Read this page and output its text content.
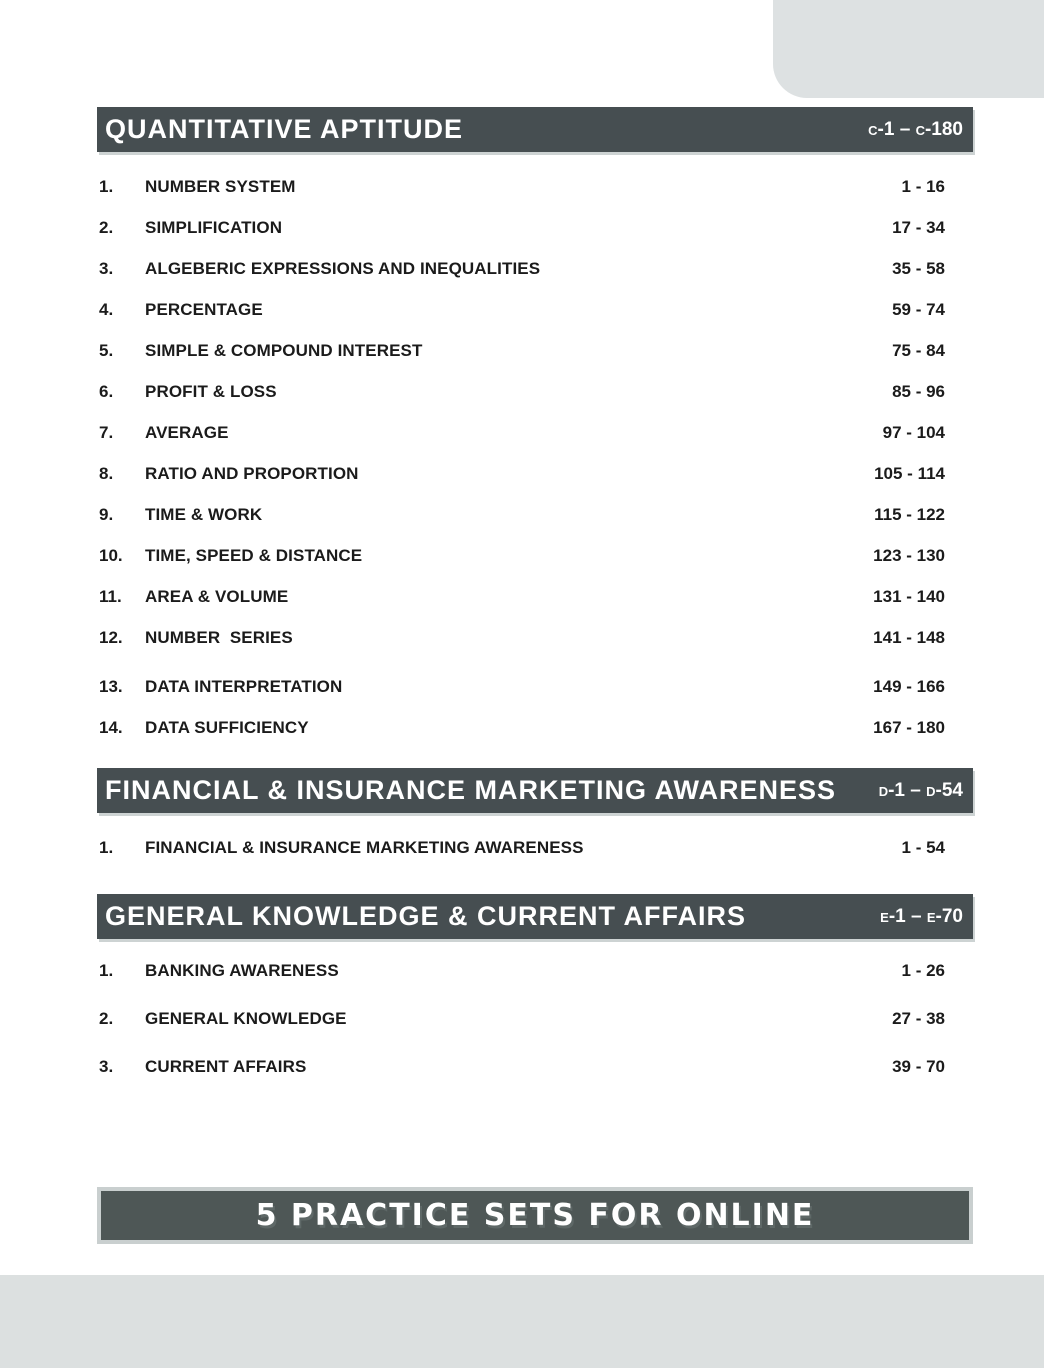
QUANTITATIVE APTITUDE	C-1 – C-180
1.	NUMBER SYSTEM	1 - 16
2.	SIMPLIFICATION	17 - 34
3.	ALGEBERIC EXPRESSIONS AND INEQUALITIES	35 - 58
4.	PERCENTAGE	59 - 74
5.	SIMPLE & COMPOUND INTEREST	75 - 84
6.	PROFIT & LOSS	85 - 96
7.	AVERAGE	97 - 104
8.	RATIO AND PROPORTION	105 - 114
9.	TIME & WORK	115 - 122
10.	TIME, SPEED & DISTANCE	123 - 130
11.	AREA & VOLUME	131 - 140
12.	NUMBER  SERIES	141 - 148
13.	DATA INTERPRETATION	149 - 166
14.	DATA SUFFICIENCY	167 - 180
FINANCIAL & INSURANCE MARKETING AWARENESS	D-1 – D-54
1.	FINANCIAL & INSURANCE MARKETING AWARENESS	1 - 54
GENERAL KNOWLEDGE & CURRENT AFFAIRS	E-1 – E-70
1.	BANKING AWARENESS	1 - 26
2.	GENERAL KNOWLEDGE	27 - 38
3.	CURRENT AFFAIRS	39 - 70
5 PRACTICE SETS FOR ONLINE
